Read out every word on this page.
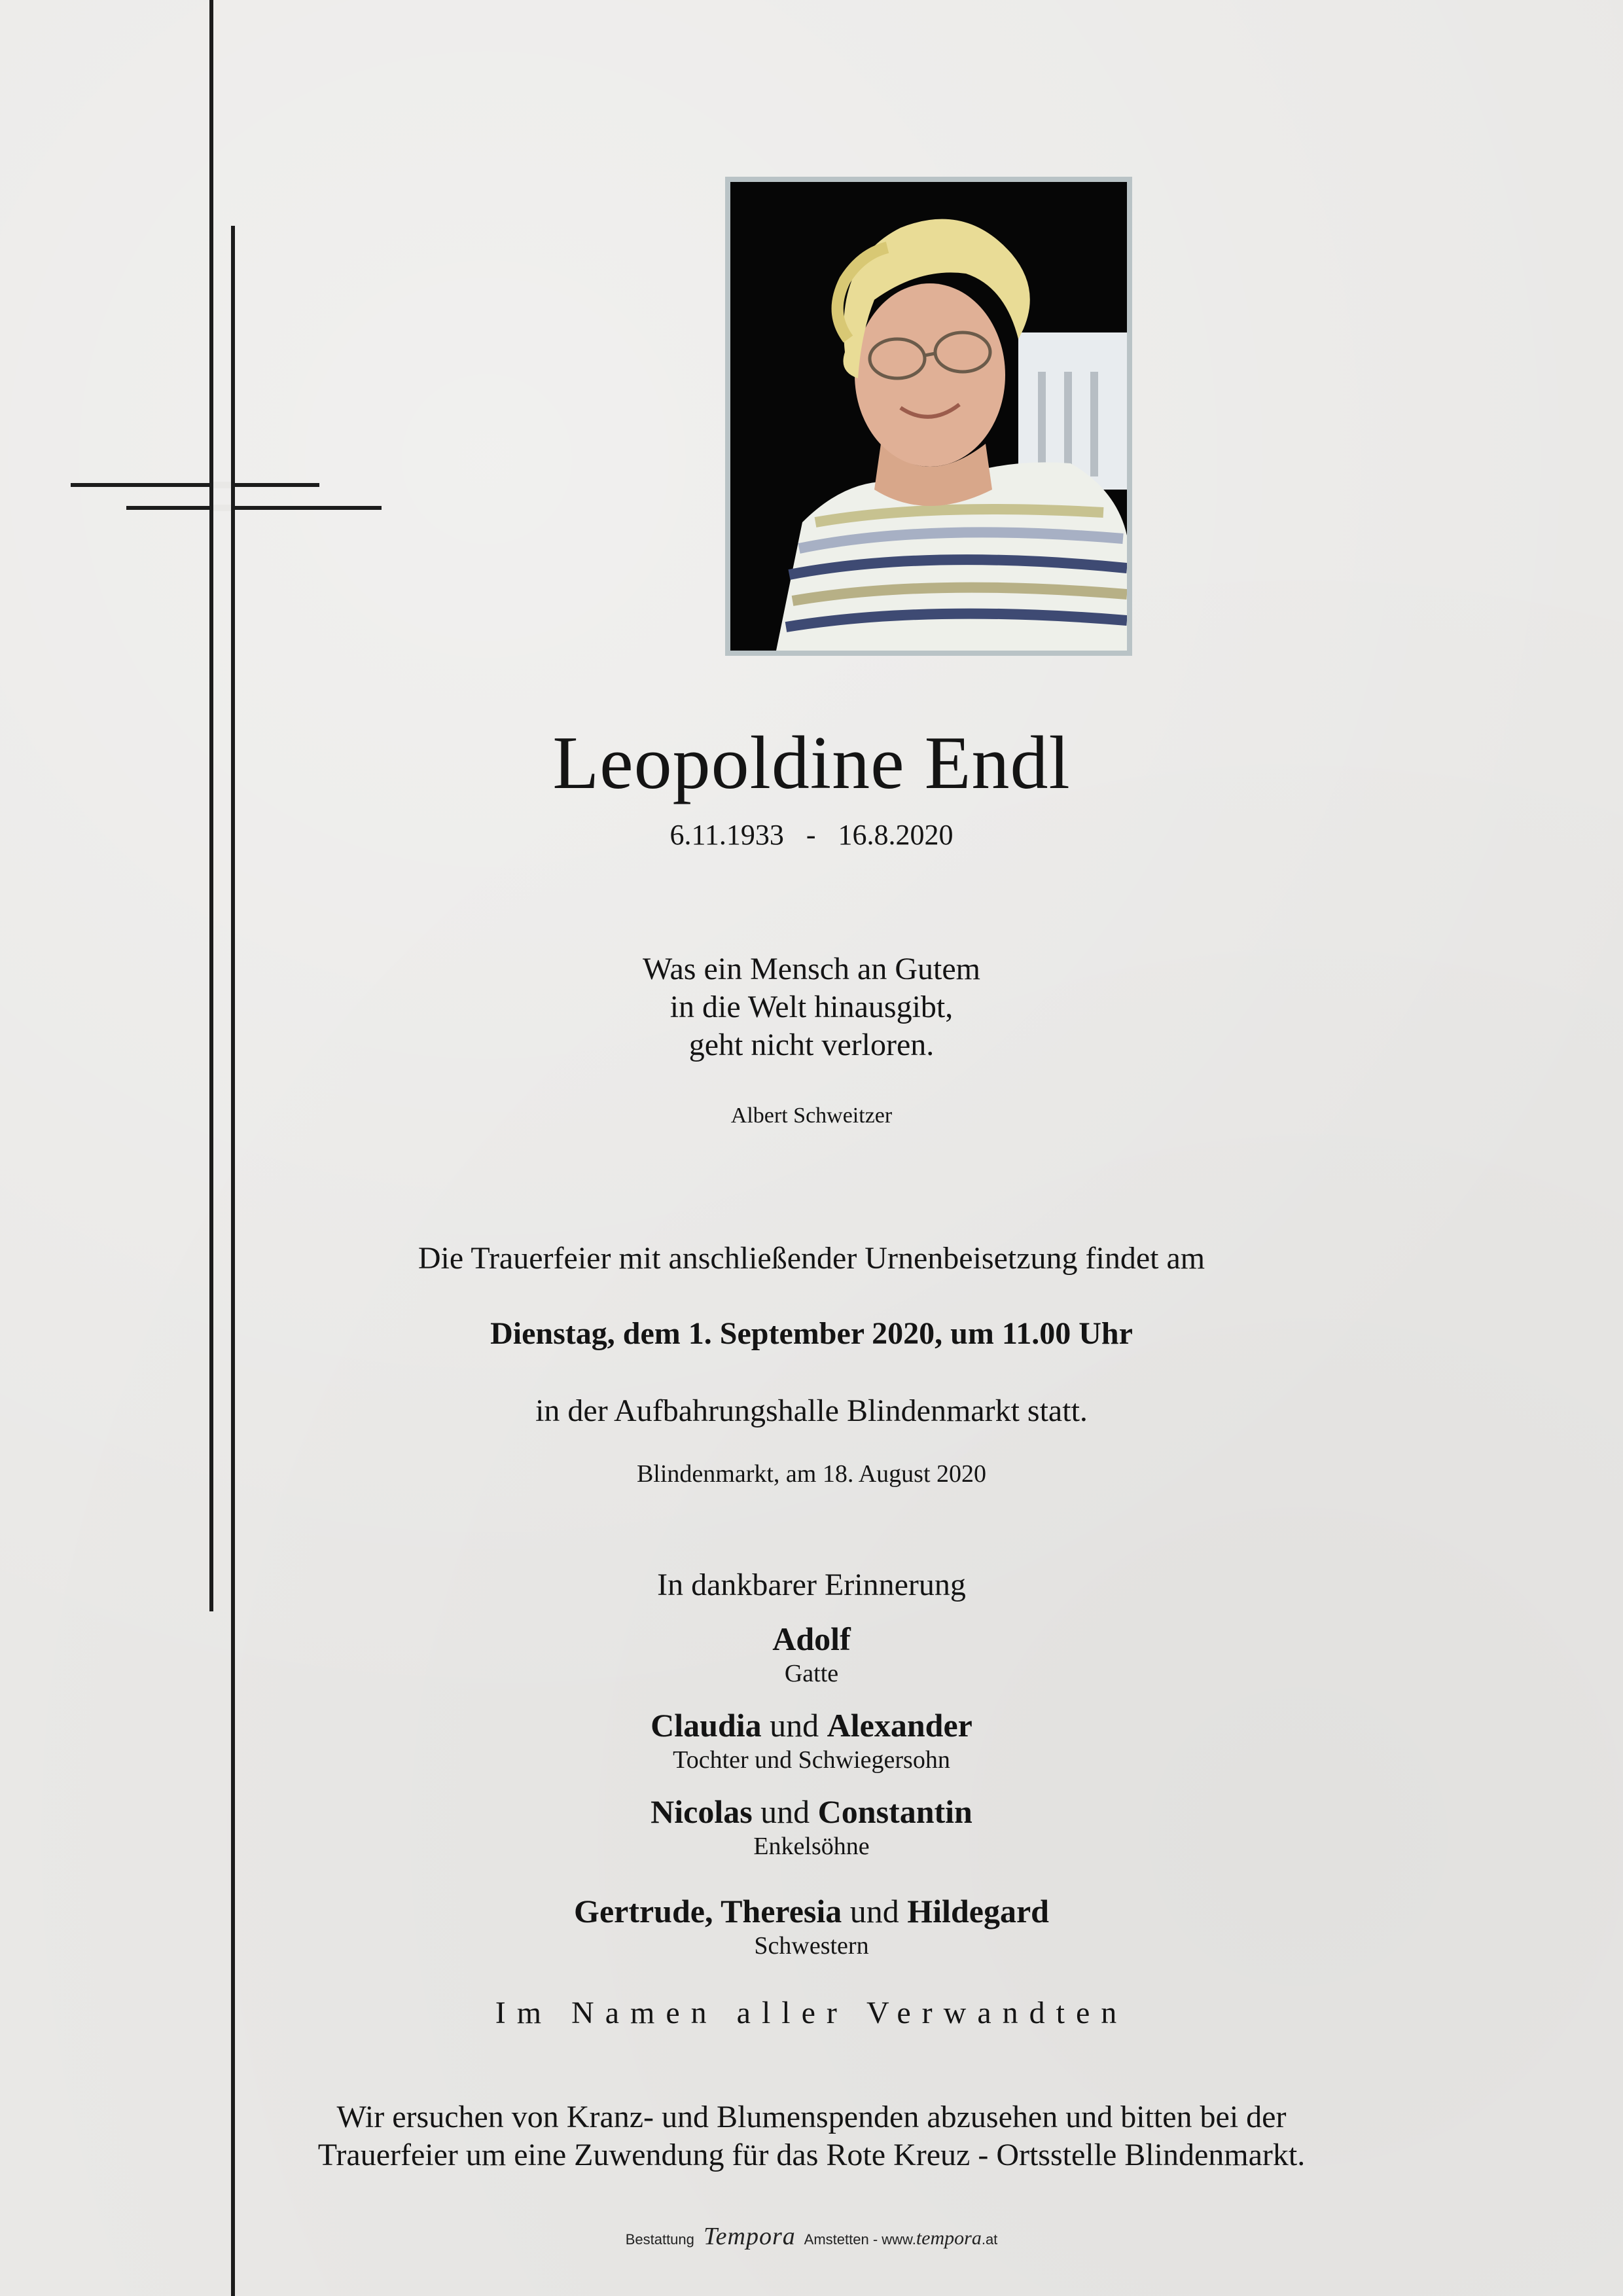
Leopoldine Endl
6.11.1933 - 16.8.2020
Was ein Mensch an Gutem
in die Welt hinausgibt,
geht nicht verloren.
Albert Schweitzer
Die Trauerfeier mit anschließender Urnenbeisetzung findet am
Dienstag, dem 1. September 2020, um 11.00 Uhr
in der Aufbahrungshalle Blindenmarkt statt.
Blindenmarkt, am 18. August 2020
In dankbarer Erinnerung
Adolf
Gatte
Claudia und Alexander
Tochter und Schwiegersohn
Nicolas und Constantin
Enkelsöhne
Gertrude, Theresia und Hildegard
Schwestern
Im Namen aller Verwandten
Wir ersuchen von Kranz- und Blumenspenden abzusehen und bitten bei der
Trauerfeier um eine Zuwendung für das Rote Kreuz - Ortsstelle Blindenmarkt.
Bestattung Tempora Amstetten - www.tempora.at
